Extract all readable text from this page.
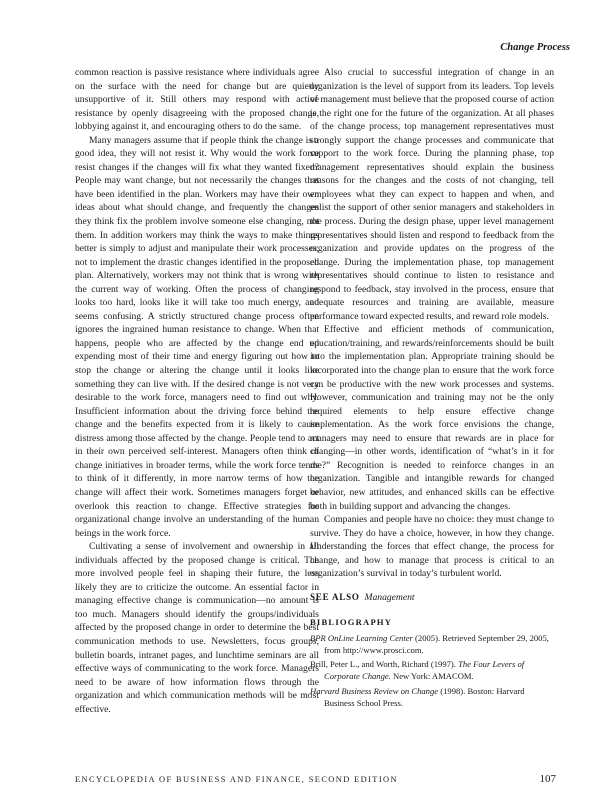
Change Process

common reaction is passive resistance where individuals agree on the surface with the need for change but are quietly unsupportive of it. Still others may respond with active resistance by openly disagreeing with the proposed change, lobbying against it, and encouraging others to do the same.

Many managers assume that if people think the change is a good idea, they will not resist it. Why would the work force resist changes if the changes will fix what they wanted fixed? People may want change, but not necessarily the changes that have been identified in the plan. Workers may have their own ideas about what should change, and frequently the changes they think fix the problem involve someone else changing, not them. In addition workers may think the ways to make things better is simply to adjust and manipulate their work processes, not to implement the drastic changes identified in the proposed plan. Alternatively, workers may not think that is wrong with the current way of working. Often the process of changing looks too hard, looks like it will take too much energy, and seems confusing. A strictly structured change process often ignores the ingrained human resistance to change. When that happens, people who are affected by the change end up expending most of their time and energy figuring out how to stop the change or altering the change until it looks like something they can live with. If the desired change is not very desirable to the work force, managers need to find out why. Insufficient information about the driving force behind the change and the benefits expected from it is likely to cause distress among those affected by the change. People tend to act in their own perceived self-interest. Managers often think of change initiatives in broader terms, while the work force tends to think of it differently, in more narrow terms of how the change will affect their work. Sometimes managers forget or overlook this reaction to change. Effective strategies for organizational change involve an understanding of the human beings in the work force.

Cultivating a sense of involvement and ownership in all individuals affected by the proposed change is critical. The more involved people feel in shaping their future, the less likely they are to criticize the outcome. An essential factor in managing effective change is communication—no amount is too much. Managers should identify the groups/individuals affected by the proposed change in order to determine the best communication methods to use. Newsletters, focus groups, bulletin boards, intranet pages, and lunchtime seminars are all effective ways of communicating to the work force. Managers need to be aware of how information flows through the organization and which communication methods will be most effective.

Also crucial to successful integration of change in an organization is the level of support from its leaders. Top levels of management must believe that the proposed course of action is the right one for the future of the organization. At all phases of the change process, top management representatives must strongly support the change processes and communicate that support to the work force. During the planning phase, top management representatives should explain the business reasons for the changes and the costs of not changing, tell employees what they can expect to happen and when, and enlist the support of other senior managers and stakeholders in the process. During the design phase, upper level management representatives should listen and respond to feedback from the organization and provide updates on the progress of the change. During the implementation phase, top management representatives should continue to listen to resistance and respond to feedback, stay involved in the process, ensure that adequate resources and training are available, measure performance toward expected results, and reward role models.

Effective and efficient methods of communication, education/training, and rewards/reinforcements should be built into the implementation plan. Appropriate training should be incorporated into the change plan to ensure that the work force can be productive with the new work processes and systems. However, communication and training may not be the only required elements to help ensure effective change implementation. As the work force envisions the change, managers may need to ensure that rewards are in place for changing—in other words, identification of “what’s in it for me?” Recognition is needed to reinforce changes in an organization. Tangible and intangible rewards for changed behavior, new attitudes, and enhanced skills can be effective both in building support and advancing the changes.

Companies and people have no choice: they must change to survive. They do have a choice, however, in how they change. Understanding the forces that effect change, the process for change, and how to manage that process is critical to an organization’s survival in today’s turbulent world.

SEE ALSO Management

BIBLIOGRAPHY

BPR OnLine Learning Center (2005). Retrieved September 29, 2005, from http://www.prosci.com.

Brill, Peter L., and Worth, Richard (1997). The Four Levers of Corporate Change. New York: AMACOM.

Harvard Business Review on Change (1998). Boston: Harvard Business School Press.

ENCYCLOPEDIA OF BUSINESS AND FINANCE, SECOND EDITION	107
